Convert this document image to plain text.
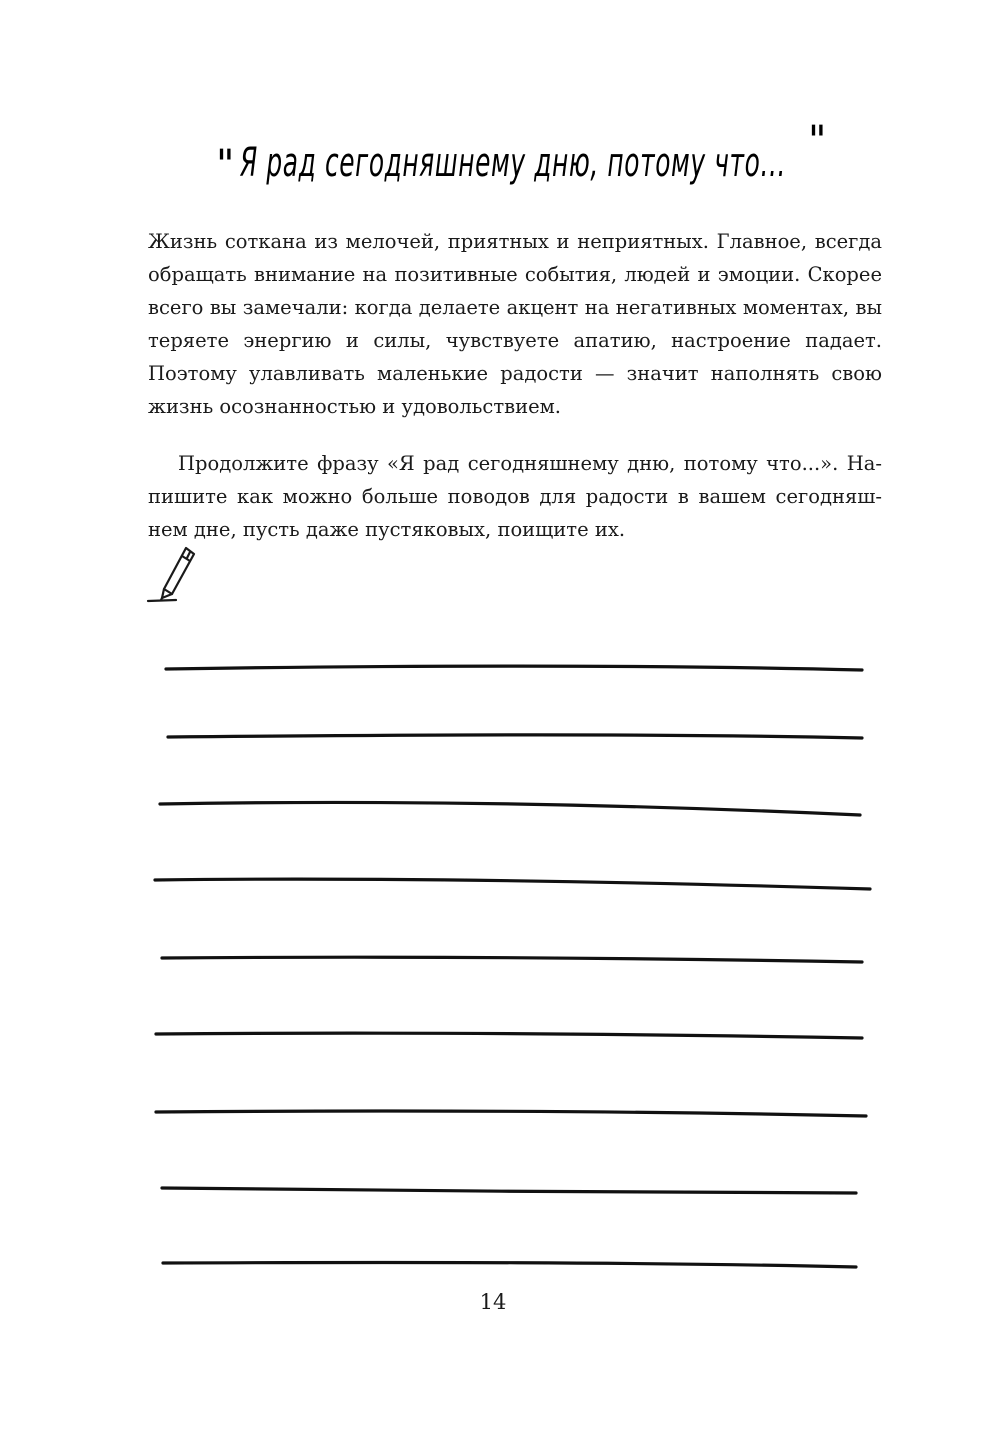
" Я рад сегодняшнему дню, потому что... "

Жизнь соткана из мелочей, приятных и неприятных. Главное, всегда обращать внимание на позитивные события, людей и эмоции. Скорее всего вы замечали: когда делаете акцент на негативных моментах, вы теряете энергию и силы, чувствуете апатию, настроение падает. Поэтому улавливать маленькие радости — значит наполнять свою жизнь осознанностью и удовольствием.

Продолжите фразу «Я рад сегодняшнему дню, потому что...». Напишите как можно больше поводов для радости в вашем сегодняшнем дне, пусть даже пустяковых, поищите их.

14
